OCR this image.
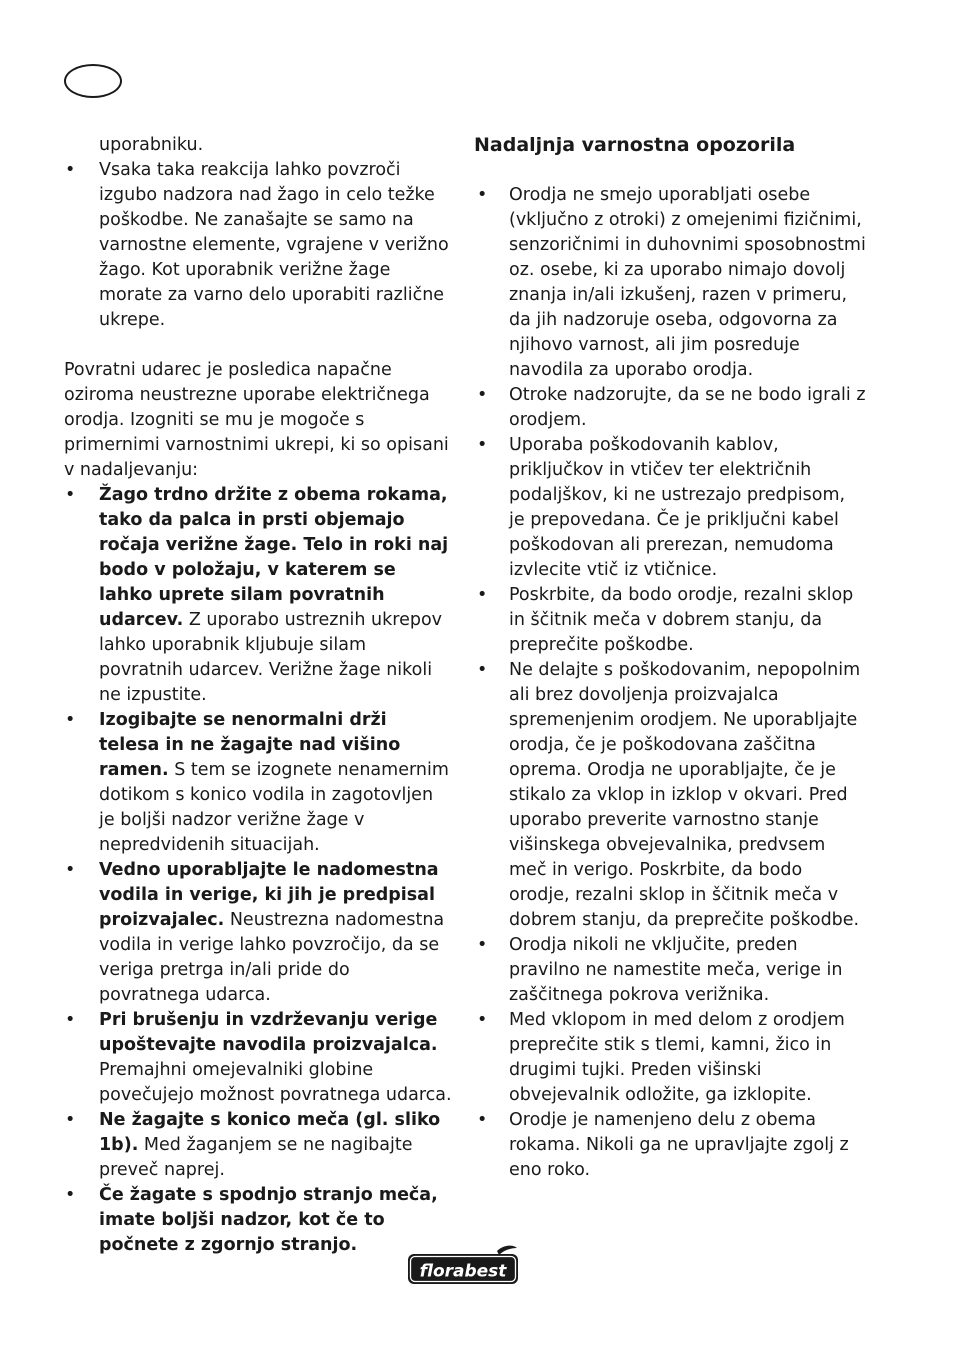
uporabniku.

• Vsaka taka reakcija lahko povzroči izgubo nadzora nad žago in celo težke poškodbe. Ne zanašajte se samo na varnostne elemente, vgrajene v verižno žago. Kot uporabnik verižne žage morate za varno delo uporabiti različne ukrepe.

Povratni udarec je posledica napačne oziroma neustrezne uporabe električnega orodja. Izogniti se mu je mogoče s primernimi varnostnimi ukrepi, ki so opisani v nadaljevanju:

• Žago trdno držite z obema rokama, tako da palca in prsti objemajo ročaja verižne žage. Telo in roki naj bodo v položaju, v katerem se lahko uprete silam povratnih udarcev. Z uporabo ustreznih ukrepov lahko uporabnik kljubuje silam povratnih udarcev. Verižne žage nikoli ne izpustite.
• Izogibajte se nenormalni drži telesa in ne žagajte nad višino ramen. S tem se izognete nenamernim dotikom s konico vodila in zagotovljen je boljši nadzor verižne žage v nepredvidenih situacijah.
• Vedno uporabljajte le nadomestna vodila in verige, ki jih je predpisal proizvajalec. Neustrezna nadomestna vodila in verige lahko povzročijo, da se veriga pretrga in/ali pride do povratnega udarca.
• Pri brušenju in vzdrževanju verige upoštevajte navodila proizvajalca. Premajhni omejevalniki globine povečujejo možnost povratnega udarca.
• Ne žagajte s konico meča (gl. sliko 1b). Med žaganjem se ne nagibajte preveč naprej.
• Če žagate s spodnjo stranjo meča, imate boljši nadzor, kot če to počnete z zgornjo stranjo.
Nadaljnja varnostna opozorila
• Orodja ne smejo uporabljati osebe (vključno z otroki) z omejenimi fizičnimi, senzoričnimi in duhovnimi sposobnostmi oz. osebe, ki za uporabo nimajo dovolj znanja in/ali izkušenj, razen v primeru, da jih nadzoruje oseba, odgovorna za njihovo varnost, ali jim posreduje navodila za uporabo orodja.
• Otroke nadzorujte, da se ne bodo igrali z orodjem.
• Uporaba poškodovanih kablov, priključkov in vtičev ter električnih podaljškov, ki ne ustrezajo predpisom, je prepovedana. Če je priključni kabel poškodovan ali prerezan, nemudoma izvlecite vtič iz vtičnice.
• Poskrbite, da bodo orodje, rezalni sklop in ščitnik meča v dobrem stanju, da preprečite poškodbe.
• Ne delajte s poškodovanim, nepopolnim ali brez dovoljenja proizvajalca spremenjenim orodjem. Ne uporabljajte orodja, če je poškodovana zaščitna oprema. Orodja ne uporabljajte, če je stikalo za vklop in izklop v okvari. Pred uporabo preverite varnostno stanje višinskega obvejevalnika, predvsem meč in verigo. Poskrbite, da bodo orodje, rezalni sklop in ščitnik meča v dobrem stanju, da preprečite poškodbe.
• Orodja nikoli ne vključite, preden pravilno ne namestite meča, verige in zaščitnega pokrova verižnika.
• Med vklopom in med delom z orodjem preprečite stik s tlemi, kamni, žico in drugimi tujki. Preden višinski obvejevalnik odložite, ga izklopite.
• Orodje je namenjeno delu z obema rokama. Nikoli ga ne upravljajte zgolj z eno roko.
florabest
